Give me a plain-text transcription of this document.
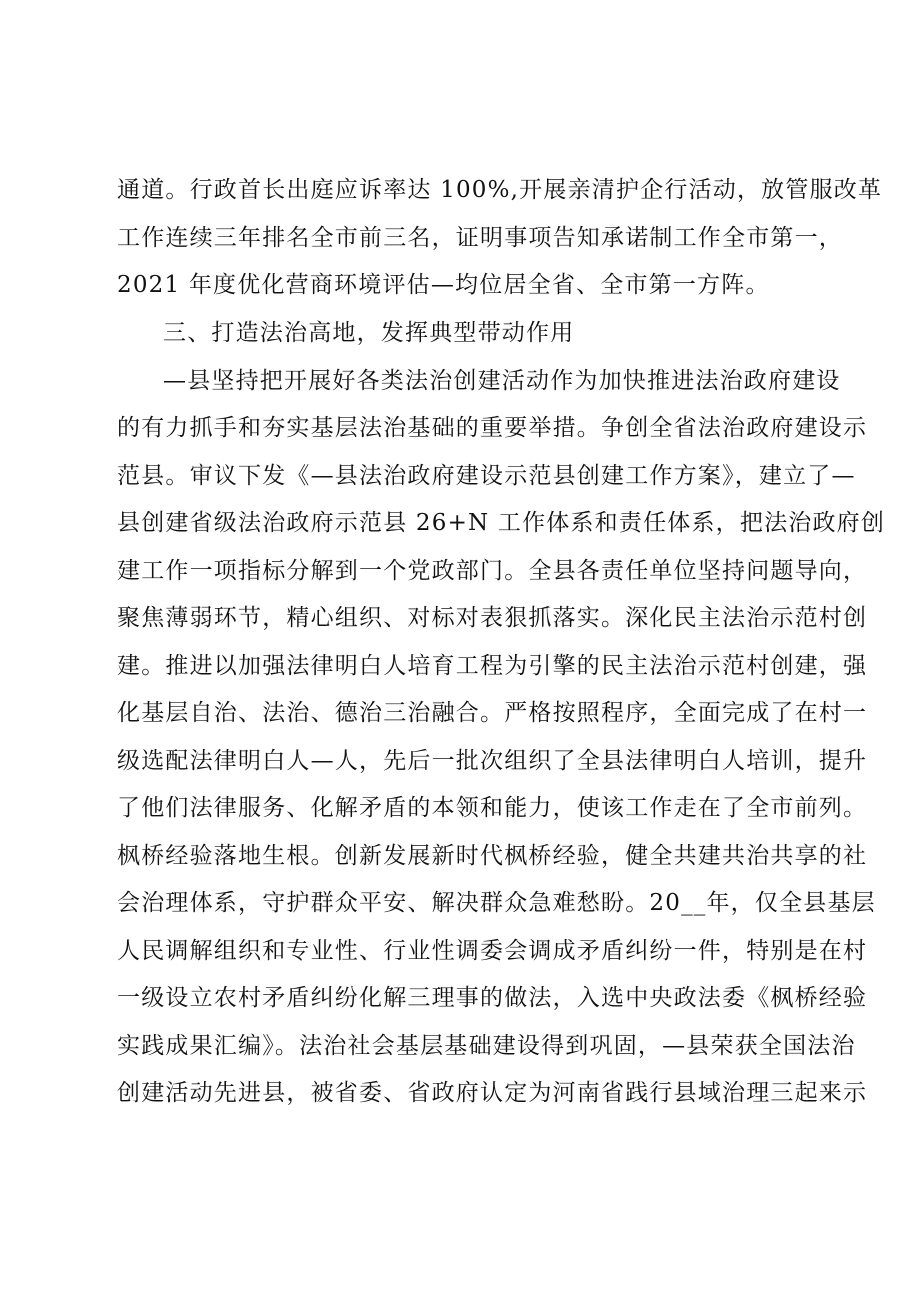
通道。行政首长出庭应诉率达 100%,开展亲清护企行活动，放管服改革
工作连续三年排名全市前三名，证明事项告知承诺制工作全市第一，
2021 年度优化营商环境评估—均位居全省、全市第一方阵。
三、打造法治高地，发挥典型带动作用
—县坚持把开展好各类法治创建活动作为加快推进法治政府建设
的有力抓手和夯实基层法治基础的重要举措。争创全省法治政府建设示
范县。审议下发《—县法治政府建设示范县创建工作方案》，建立了—
县创建省级法治政府示范县 26+N 工作体系和责任体系，把法治政府创
建工作一项指标分解到一个党政部门。全县各责任单位坚持问题导向，
聚焦薄弱环节，精心组织、对标对表狠抓落实。深化民主法治示范村创
建。推进以加强法律明白人培育工程为引擎的民主法治示范村创建，强
化基层自治、法治、德治三治融合。严格按照程序，全面完成了在村一
级选配法律明白人—人，先后一批次组织了全县法律明白人培训，提升
了他们法律服务、化解矛盾的本领和能力，使该工作走在了全市前列。
枫桥经验落地生根。创新发展新时代枫桥经验，健全共建共治共享的社
会治理体系，守护群众平安、解决群众急难愁盼。20__年，仅全县基层
人民调解组织和专业性、行业性调委会调成矛盾纠纷一件，特别是在村
一级设立农村矛盾纠纷化解三理事的做法，入选中央政法委《枫桥经验
实践成果汇编》。法治社会基层基础建设得到巩固，—县荣获全国法治
创建活动先进县，被省委、省政府认定为河南省践行县域治理三起来示
